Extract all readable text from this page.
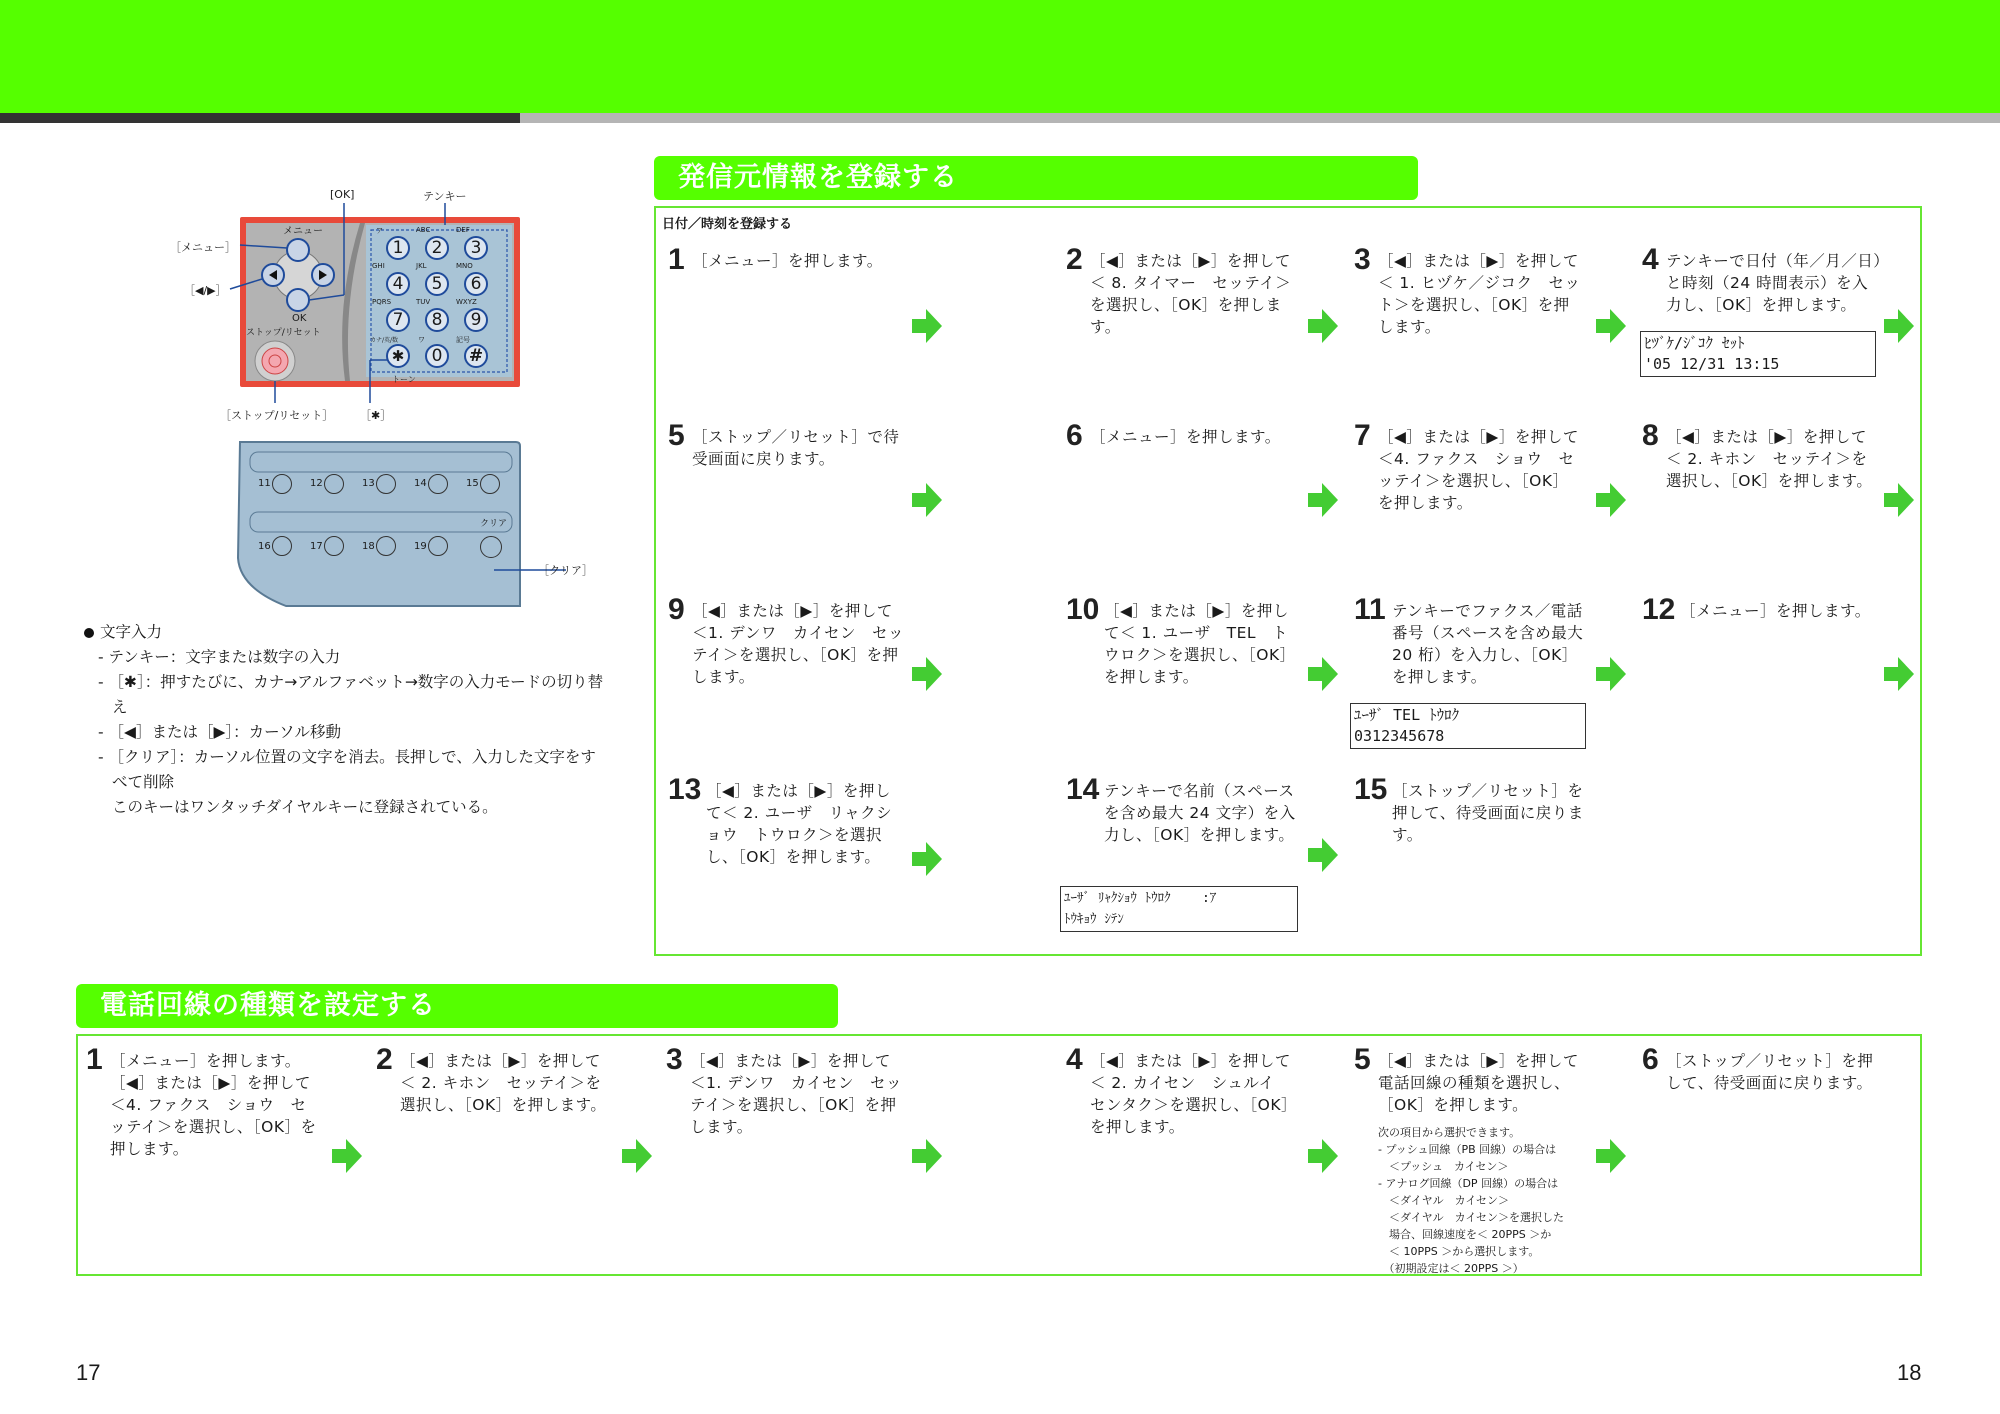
[OK]	テンキー
［メニュー］
［◀/▶］
［ストップ/リセット］ ［✱］
メニュー
OK
ストップ/リセット
トーン
1	2	3
4	5	6
7	8	9
✱	0	#
ア	ABC	DEF
GHI	JKL	MNO
PQRS	TUV	WXYZ
カナ/英/数	ワ	記号
11	12	13	14	15
16	17	18	19
クリア
［クリア］
文字入力
- テンキー：文字または数字の入力
- ［✱］：押すたびに、カナ→アルファベット→数字の入力モードの切り替え
- ［◀］または［▶］：カーソル移動
- ［クリア］：カーソル位置の文字を消去。長押しで、入力した文字をすべて削除
このキーはワンタッチダイヤルキーに登録されている。
発信元情報を登録する
日付／時刻を登録する
1 ［メニュー］を押します。	2 ［◀］または［▶］を押して＜ 8. タイマー　セッテイ＞を選択し、［OK］を押します。
3 ［◀］または［▶］を押して＜ 1. ヒヅケ／ジコク　セット＞を選択し、［OK］を押します。
4 テンキーで日付（年／月／日）と時刻（24 時間表示）を入力し、［OK］を押します。
ﾋﾂﾞｹ/ｼﾞｺｸ ｾｯﾄ
'05 12/31 13:15
5 ［ストップ／リセット］で待受画面に戻ります。
6 ［メニュー］を押します。	7 ［◀］または［▶］を押して＜4. ファクス　ショウ　セッテイ＞を選択し、［OK］を押します。
8 ［◀］または［▶］を押して＜ 2. キホン　セッテイ＞を選択し、［OK］を押します。
9 ［◀］または［▶］を押して＜1. デンワ　カイセン　セッテイ＞を選択し、［OK］を押します。
10 ［◀］または［▶］を押して＜ 1. ユーザ　TEL　トウロク＞を選択し、［OK］を押します。
11 テンキーでファクス／電話番号（スペースを含め最大 20 桁）を入力し、［OK］を押します。
ﾕｰｻﾞ TEL ﾄｳﾛｸ
0312345678
12 ［メニュー］を押します。
13 ［◀］または［▶］を押して＜ 2. ユーザ　リャクショウ　トウロク＞を選択し、［OK］を押します。
14 テンキーで名前（スペースを含め最大 24 文字）を入力し、［OK］を押します。
ﾕｰｻﾞ ﾘｬｸｼｮｳ ﾄｳﾛｸ    :ｱ
ﾄｳｷｮｳ ｼﾃﾝ
15 ［ストップ／リセット］を押して、待受画面に戻ります。
電話回線の種類を設定する
1 ［メニュー］を押します。［◀］または［▶］を押して＜4. ファクス　ショウ　セッテイ＞を選択し、［OK］を押します。
2 ［◀］または［▶］を押して＜ 2. キホン　セッテイ＞を選択し、［OK］を押します。
3 ［◀］または［▶］を押して＜1. デンワ　カイセン　セッテイ＞を選択し、［OK］を押します。
4 ［◀］または［▶］を押して＜ 2. カイセン　シュルイ　センタク＞を選択し、［OK］を押します。
5 ［◀］または［▶］を押して電話回線の種類を選択し、［OK］を押します。
次の項目から選択できます。
- プッシュ回線（PB 回線）の場合は
　＜プッシュ　カイセン＞
- アナログ回線（DP 回線）の場合は
　＜ダイヤル　カイセン＞
　＜ダイヤル　カイセン＞を選択した
　場合、回線速度を＜ 20PPS ＞か
　＜ 10PPS ＞から選択します。
　（初期設定は＜ 20PPS ＞）
6 ［ストップ／リセット］を押して、待受画面に戻ります。
17	18
